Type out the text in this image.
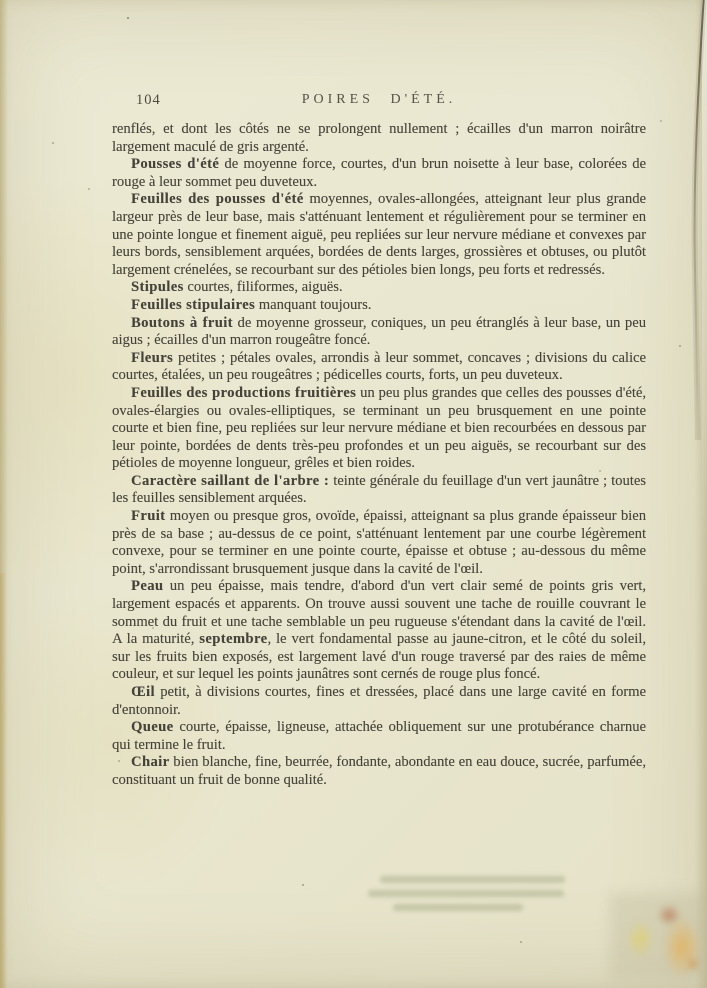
104	POIRES D'ÉTÉ.

renflés, et dont les côtés ne se prolongent nullement ; écailles d'un marron noirâtre largement maculé de gris argenté.

Pousses d'été de moyenne force, courtes, d'un brun noisette à leur base, colorées de rouge à leur sommet peu duveteux.

Feuilles des pousses d'été moyennes, ovales-allongées, atteignant leur plus grande largeur près de leur base, mais s'atténuant lentement et régulièrement pour se terminer en une pointe longue et finement aiguë, peu repliées sur leur nervure médiane et convexes par leurs bords, sensiblement arquées, bordées de dents larges, grossières et obtuses, ou plutôt largement crénelées, se recourbant sur des pétioles bien longs, peu forts et redressés.

Stipules courtes, filiformes, aiguës.

Feuilles stipulaires manquant toujours.

Boutons à fruit de moyenne grosseur, coniques, un peu étranglés à leur base, un peu aigus ; écailles d'un marron rougeâtre foncé.

Fleurs petites ; pétales ovales, arrondis à leur sommet, concaves ; divisions du calice courtes, étalées, un peu rougeâtres ; pédicelles courts, forts, un peu duveteux.

Feuilles des productions fruitières un peu plus grandes que celles des pousses d'été, ovales-élargies ou ovales-elliptiques, se terminant un peu brusquement en une pointe courte et bien fine, peu repliées sur leur nervure médiane et bien recourbées en dessous par leur pointe, bordées de dents très-peu profondes et un peu aiguës, se recourbant sur des pétioles de moyenne longueur, grêles et bien roides.

Caractère saillant de l'arbre : teinte générale du feuillage d'un vert jaunâtre ; toutes les feuilles sensiblement arquées.

Fruit moyen ou presque gros, ovoïde, épaissi, atteignant sa plus grande épaisseur bien près de sa base ; au-dessus de ce point, s'atténuant lentement par une courbe légèrement convexe, pour se terminer en une pointe courte, épaisse et obtuse ; au-dessous du même point, s'arrondissant brusquement jusque dans la cavité de l'œil.

Peau un peu épaisse, mais tendre, d'abord d'un vert clair semé de points gris vert, largement espacés et apparents. On trouve aussi souvent une tache de rouille couvrant le sommet du fruit et une tache semblable un peu rugueuse s'étendant dans la cavité de l'œil. A la maturité, septembre, le vert fondamental passe au jaune-citron, et le côté du soleil, sur les fruits bien exposés, est largement lavé d'un rouge traversé par des raies de même couleur, et sur lequel les points jaunâtres sont cernés de rouge plus foncé.

Œil petit, à divisions courtes, fines et dressées, placé dans une large cavité en forme d'entonnoir.

Queue courte, épaisse, ligneuse, attachée obliquement sur une protubérance charnue qui termine le fruit.

Chair bien blanche, fine, beurrée, fondante, abondante en eau douce, sucrée, parfumée, constituant un fruit de bonne qualité.
